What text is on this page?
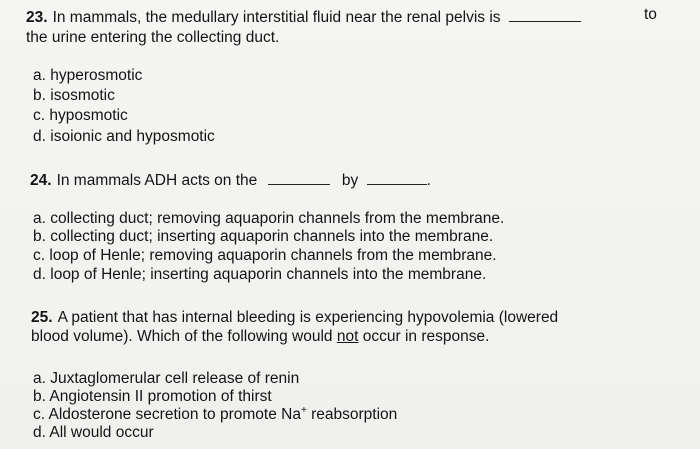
23. In mammals, the medullary interstitial fluid near the renal pelvis is	to
the urine entering the collecting duct.
a. hyperosmotic
b. isosmotic
c. hyposmotic
d. isoionic and hyposmotic
24. In mammals ADH acts on the	by	.
a. collecting duct; removing aquaporin channels from the membrane.
b. collecting duct; inserting aquaporin channels into the membrane.
c. loop of Henle; removing aquaporin channels from the membrane.
d. loop of Henle; inserting aquaporin channels into the membrane.
25. A patient that has internal bleeding is experiencing hypovolemia (lowered
blood volume). Which of the following would not occur in response.
a. Juxtaglomerular cell release of renin
b. Angiotensin II promotion of thirst
c. Aldosterone secretion to promote Na+ reabsorption
d. All would occur
